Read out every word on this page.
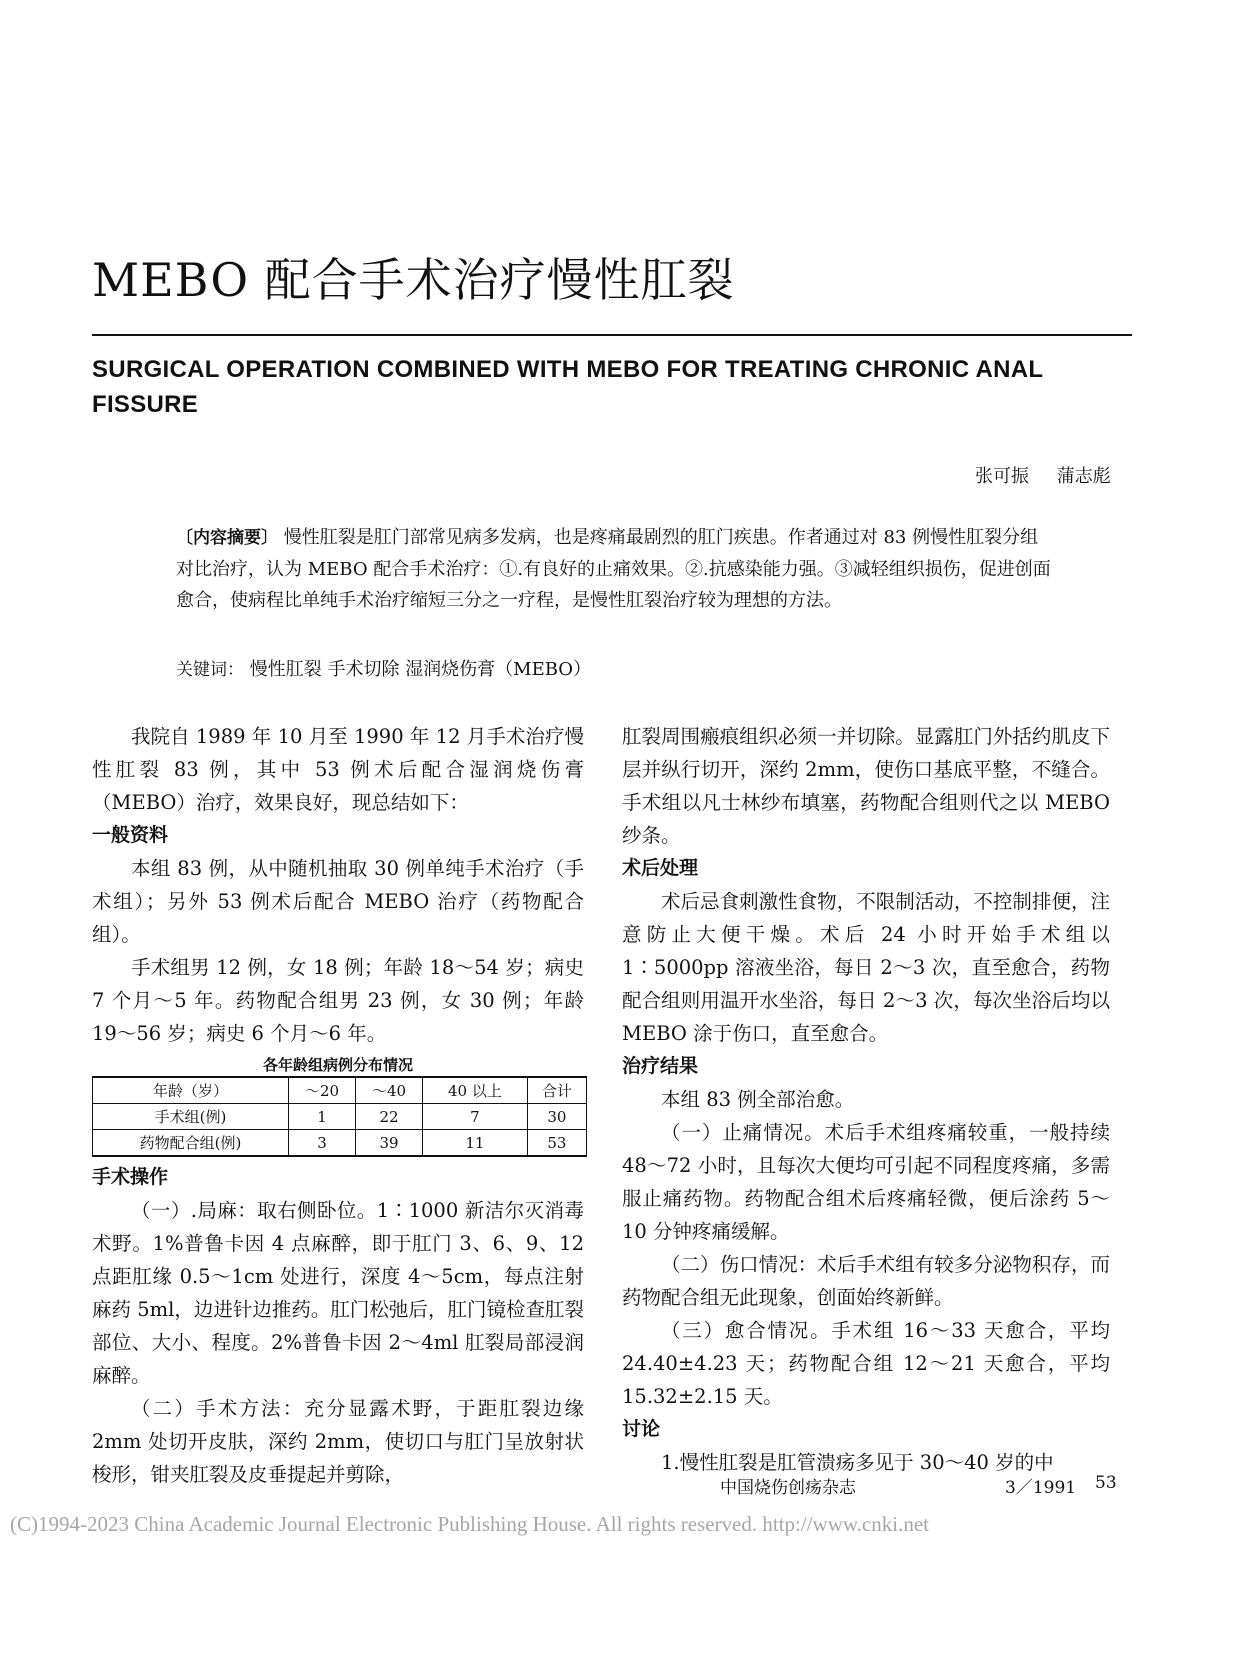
MEBO 配合手术治疗慢性肛裂
SURGICAL OPERATION COMBINED WITH MEBO FOR TREATING CHRONIC ANAL FISSURE
张可振 蒲志彪
〔内容摘要〕 慢性肛裂是肛门部常见病多发病，也是疼痛最剧烈的肛门疾患。作者通过对 83 例慢性肛裂分组对比治疗，认为 MEBO 配合手术治疗：①.有良好的止痛效果。②.抗感染能力强。③减轻组织损伤，促进创面愈合，使病程比单纯手术治疗缩短三分之一疗程，是慢性肛裂治疗较为理想的方法。
关键词： 慢性肛裂 手术切除 湿润烧伤膏（MEBO）

我院自 1989 年 10 月至 1990 年 12 月手术治疗慢性肛裂 83 例，其中 53 例术后配合湿润烧伤膏（MEBO）治疗，效果良好，现总结如下：

一般资料

本组 83 例，从中随机抽取 30 例单纯手术治疗（手术组）；另外 53 例术后配合 MEBO 治疗（药物配合组）。

手术组男 12 例，女 18 例；年龄 18～54 岁；病史 7 个月～5 年。药物配合组男 23 例，女 30 例；年龄 19～56 岁；病史 6 个月～6 年。

各年龄组病例分布情况
年龄（岁）	～20	～40	40 以上	合计
手术组(例)	1	22	7	30
药物配合组(例)	3	39	11	53
手术操作

（一）.局麻：取右侧卧位。1∶1000 新洁尔灭消毒术野。1%普鲁卡因 4 点麻醉，即于肛门 3、6、9、12 点距肛缘 0.5～1cm 处进行，深度 4～5cm，每点注射麻药 5ml，边进针边推药。肛门松弛后，肛门镜检查肛裂部位、大小、程度。2%普鲁卡因 2～4ml 肛裂局部浸润麻醉。

（二）手术方法：充分显露术野，于距肛裂边缘 2mm 处切开皮肤，深约 2mm，使切口与肛门呈放射状梭形，钳夹肛裂及皮垂提起并剪除，

肛裂周围瘢痕组织必须一并切除。显露肛门外括约肌皮下层并纵行切开，深约 2mm，使伤口基底平整，不缝合。手术组以凡士林纱布填塞，药物配合组则代之以 MEBO 纱条。

术后处理

术后忌食刺激性食物，不限制活动，不控制排便，注意防止大便干燥。术后 24 小时开始手术组以 1∶5000pp 溶液坐浴，每日 2～3 次，直至愈合，药物配合组则用温开水坐浴，每日 2～3 次，每次坐浴后均以 MEBO 涂于伤口，直至愈合。

治疗结果

本组 83 例全部治愈。

（一）止痛情况。术后手术组疼痛较重，一般持续 48～72 小时，且每次大便均可引起不同程度疼痛，多需服止痛药物。药物配合组术后疼痛轻微，便后涂药 5～10 分钟疼痛缓解。

（二）伤口情况：术后手术组有较多分泌物积存，而药物配合组无此现象，创面始终新鲜。

（三）愈合情况。手术组 16～33 天愈合，平均 24.40±4.23 天；药物配合组 12～21 天愈合，平均 15.32±2.15 天。

讨论

1.慢性肛裂是肛管溃疡多见于 30～40 岁的中

中国烧伤创疡杂志	3／1991 53
(C)1994-2023 China Academic Journal Electronic Publishing House. All rights reserved. http://www.cnki.net
